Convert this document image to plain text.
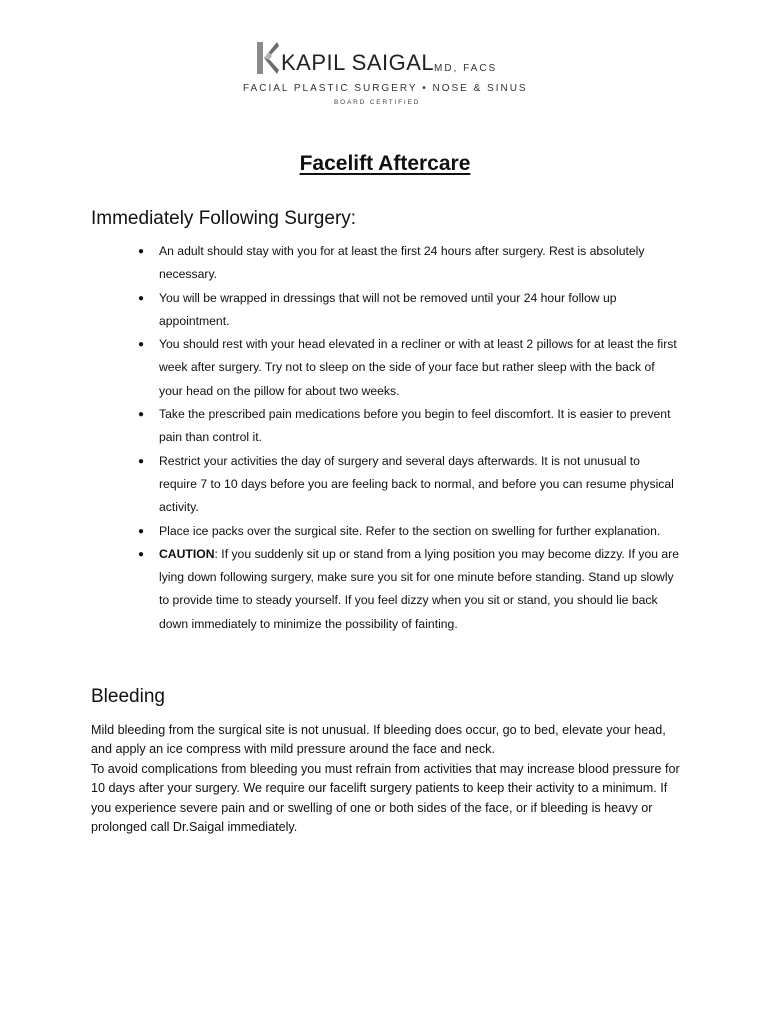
KAPIL SAIGAL MD, FACS
FACIAL PLASTIC SURGERY • NOSE & SINUS
BOARD CERTIFIED
Facelift Aftercare
Immediately Following Surgery:
● An adult should stay with you for at least the first 24 hours after surgery. Rest is absolutely necessary.
● You will be wrapped in dressings that will not be removed until your 24 hour follow up appointment.
● You should rest with your head elevated in a recliner or with at least 2 pillows for at least the first week after surgery. Try not to sleep on the side of your face but rather sleep with the back of your head on the pillow for about two weeks.
● Take the prescribed pain medications before you begin to feel discomfort. It is easier to prevent pain than control it.
● Restrict your activities the day of surgery and several days afterwards. It is not unusual to require 7 to 10 days before you are feeling back to normal, and before you can resume physical activity.
● Place ice packs over the surgical site. Refer to the section on swelling for further explanation.
● CAUTION: If you suddenly sit up or stand from a lying position you may become dizzy. If you are lying down following surgery, make sure you sit for one minute before standing. Stand up slowly to provide time to steady yourself. If you feel dizzy when you sit or stand, you should lie back down immediately to minimize the possibility of fainting.
Bleeding

Mild bleeding from the surgical site is not unusual. If bleeding does occur, go to bed, elevate your head, and apply an ice compress with mild pressure around the face and neck.
To avoid complications from bleeding you must refrain from activities that may increase blood pressure for 10 days after your surgery. We require our facelift surgery patients to keep their activity to a minimum. If you experience severe pain and or swelling of one or both sides of the face, or if bleeding is heavy or prolonged call Dr.Saigal immediately.
